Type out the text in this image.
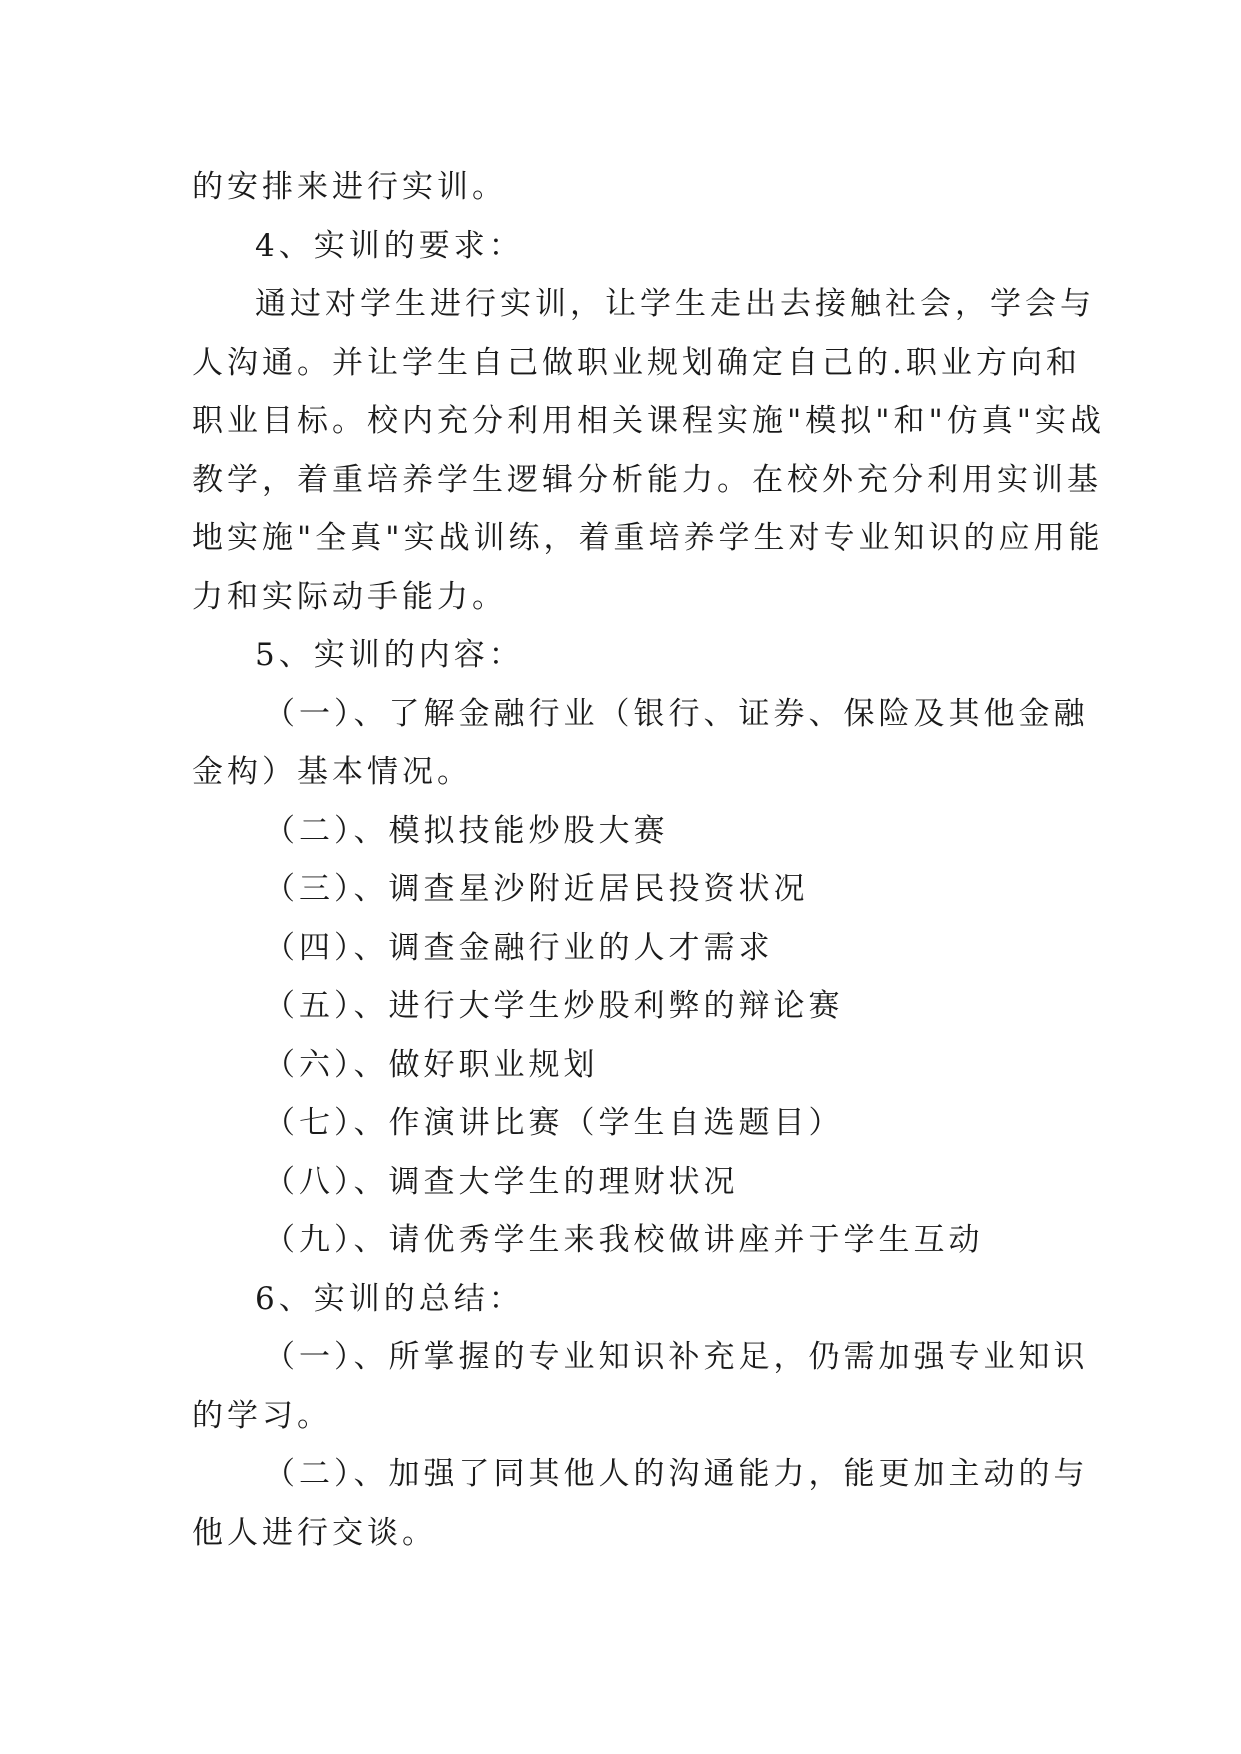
的安排来进行实训。
4、实训的要求：
通过对学生进行实训，让学生走出去接触社会，学会与
人沟通。并让学生自己做职业规划确定自己的.职业方向和
职业目标。校内充分利用相关课程实施"模拟"和"仿真"实战
教学，着重培养学生逻辑分析能力。在校外充分利用实训基
地实施"全真"实战训练，着重培养学生对专业知识的应用能
力和实际动手能力。
5、实训的内容：
（一）、了解金融行业（银行、证券、保险及其他金融
金构）基本情况。
（二）、模拟技能炒股大赛
（三）、调查星沙附近居民投资状况
（四）、调查金融行业的人才需求
（五）、进行大学生炒股利弊的辩论赛
（六）、做好职业规划
（七）、作演讲比赛（学生自选题目）
（八）、调查大学生的理财状况
（九）、请优秀学生来我校做讲座并于学生互动
6、实训的总结：
（一）、所掌握的专业知识补充足，仍需加强专业知识
的学习。
（二）、加强了同其他人的沟通能力，能更加主动的与
他人进行交谈。
